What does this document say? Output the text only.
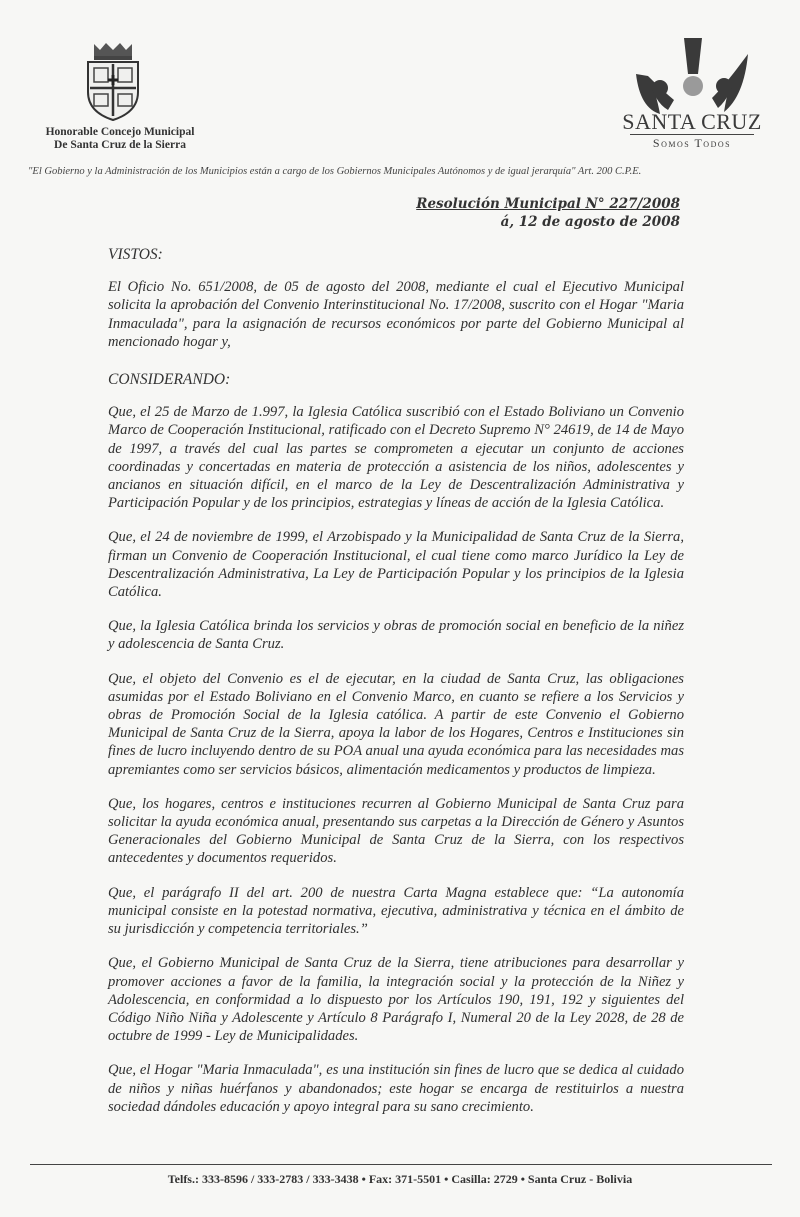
Honorable Concejo Municipal
De Santa Cruz de la Sierra
SANTA CRUZ
Somos Todos
"El Gobierno y la Administración de los Municipios están a cargo de los Gobiernos Municipales Autónomos y de igual jerarquía" Art. 200 C.P.E.
Resolución Municipal N° 227/2008
á, 12 de agosto de 2008
VISTOS:

El Oficio No. 651/2008, de 05 de agosto del 2008, mediante el cual el Ejecutivo Municipal solicita la aprobación del Convenio Interinstitucional No. 17/2008, suscrito con el Hogar "Maria Inmaculada", para la asignación de recursos económicos por parte del Gobierno Municipal al mencionado hogar y,

CONSIDERANDO:

Que, el 25 de Marzo de 1.997, la Iglesia Católica suscribió con el Estado Boliviano un Convenio Marco de Cooperación Institucional, ratificado con el Decreto Supremo N° 24619, de 14 de Mayo de 1997, a través del cual las partes se comprometen a ejecutar un conjunto de acciones coordinadas y concertadas en materia de protección a asistencia de los niños, adolescentes y ancianos en situación difícil, en el marco de la Ley de Descentralización Administrativa y Participación Popular y de los principios, estrategias y líneas de acción de la Iglesia Católica.

Que, el 24 de noviembre de 1999, el Arzobispado y la Municipalidad de Santa Cruz de la Sierra, firman un Convenio de Cooperación Institucional, el cual tiene como marco Jurídico la Ley de Descentralización Administrativa, La Ley de Participación Popular y los principios de la Iglesia Católica.

Que, la Iglesia Católica brinda los servicios y obras de promoción social en beneficio de la niñez y adolescencia de Santa Cruz.

Que, el objeto del Convenio es el de ejecutar, en la ciudad de Santa Cruz, las obligaciones asumidas por el Estado Boliviano en el Convenio Marco, en cuanto se refiere a los Servicios y obras de Promoción Social de la Iglesia católica. A partir de este Convenio el Gobierno Municipal de Santa Cruz de la Sierra, apoya la labor de los Hogares, Centros e Instituciones sin fines de lucro incluyendo dentro de su POA anual una ayuda económica para las necesidades mas apremiantes como ser servicios básicos, alimentación medicamentos y productos de limpieza.

Que, los hogares, centros e instituciones recurren al Gobierno Municipal de Santa Cruz para solicitar la ayuda económica anual, presentando sus carpetas a la Dirección de Género y Asuntos Generacionales del Gobierno Municipal de Santa Cruz de la Sierra, con los respectivos antecedentes y documentos requeridos.

Que, el parágrafo II del art. 200 de nuestra Carta Magna establece que: “La autonomía municipal consiste en la potestad normativa, ejecutiva, administrativa y técnica en el ámbito de su jurisdicción y competencia territoriales.”

Que, el Gobierno Municipal de Santa Cruz de la Sierra, tiene atribuciones para desarrollar y promover acciones a favor de la familia, la integración social y la protección de la Niñez y Adolescencia, en conformidad a lo dispuesto por los Artículos 190, 191, 192 y siguientes del Código Niño Niña y Adolescente y Artículo 8 Parágrafo I, Numeral 20 de la Ley 2028, de 28 de octubre de 1999 - Ley de Municipalidades.

Que, el Hogar "Maria Inmaculada", es una institución sin fines de lucro que se dedica al cuidado de niños y niñas huérfanos y abandonados; este hogar se encarga de restituirlos a nuestra sociedad dándoles educación y apoyo integral para su sano crecimiento.

Telfs.: 333-8596 / 333-2783 / 333-3438 • Fax: 371-5501 • Casilla: 2729 • Santa Cruz - Bolivia
